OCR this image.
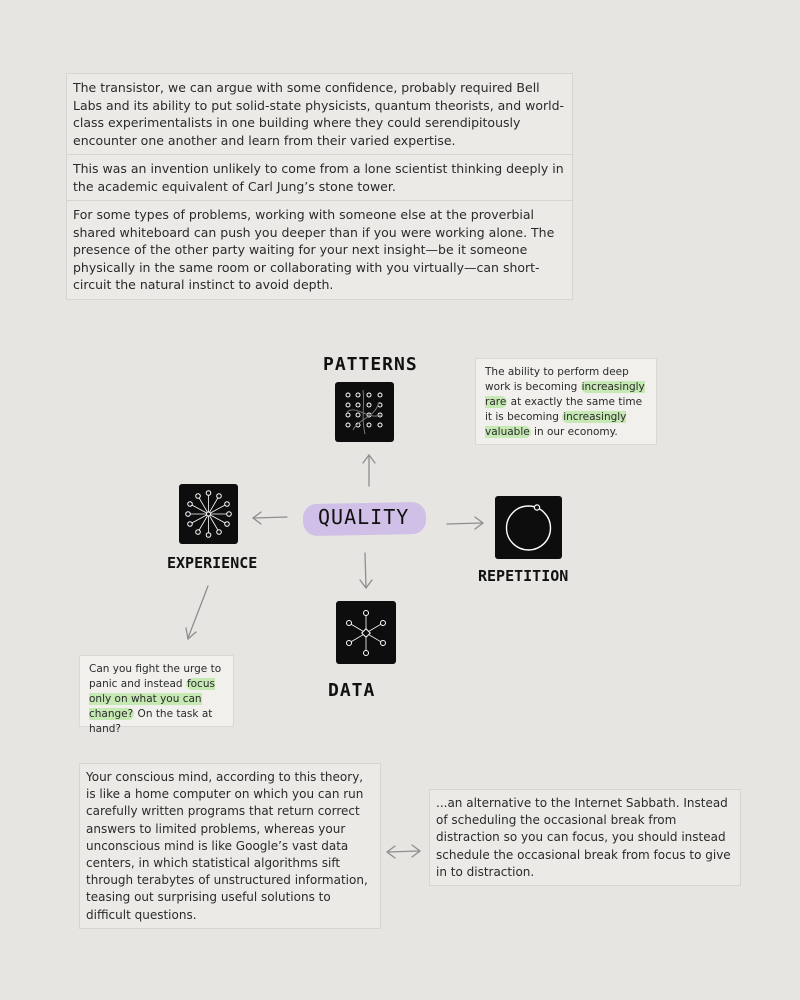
The transistor, we can argue with some confidence, probably required Bell Labs and its ability to put solid-state physicists, quantum theorists, and world-class experimentalists in one building where they could serendipitously encounter one another and learn from their varied expertise.
This was an invention unlikely to come from a lone scientist thinking deeply in the academic equivalent of Carl Jung’s stone tower.
For some types of problems, working with someone else at the proverbial shared whiteboard can push you deeper than if you were working alone. The presence of the other party waiting for your next insight—be it someone physically in the same room or collaborating with you virtually—can short-circuit the natural instinct to avoid depth.
QUALITY
PATTERNS
EXPERIENCE
REPETITION
DATA
The ability to perform deep work is becoming increasingly rare at exactly the same time it is becoming increasingly valuable in our economy.
Can you fight the urge to panic and instead focus only on what you can change? On the task at hand?
Your conscious mind, according to this theory, is like a home computer on which you can run carefully written programs that return correct answers to limited problems, whereas your unconscious mind is like Google’s vast data centers, in which statistical algorithms sift through terabytes of unstructured information, teasing out surprising useful solutions to difficult questions.
...an alternative to the Internet Sabbath. Instead of scheduling the occasional break from distraction so you can focus, you should instead schedule the occasional break from focus to give in to distraction.
